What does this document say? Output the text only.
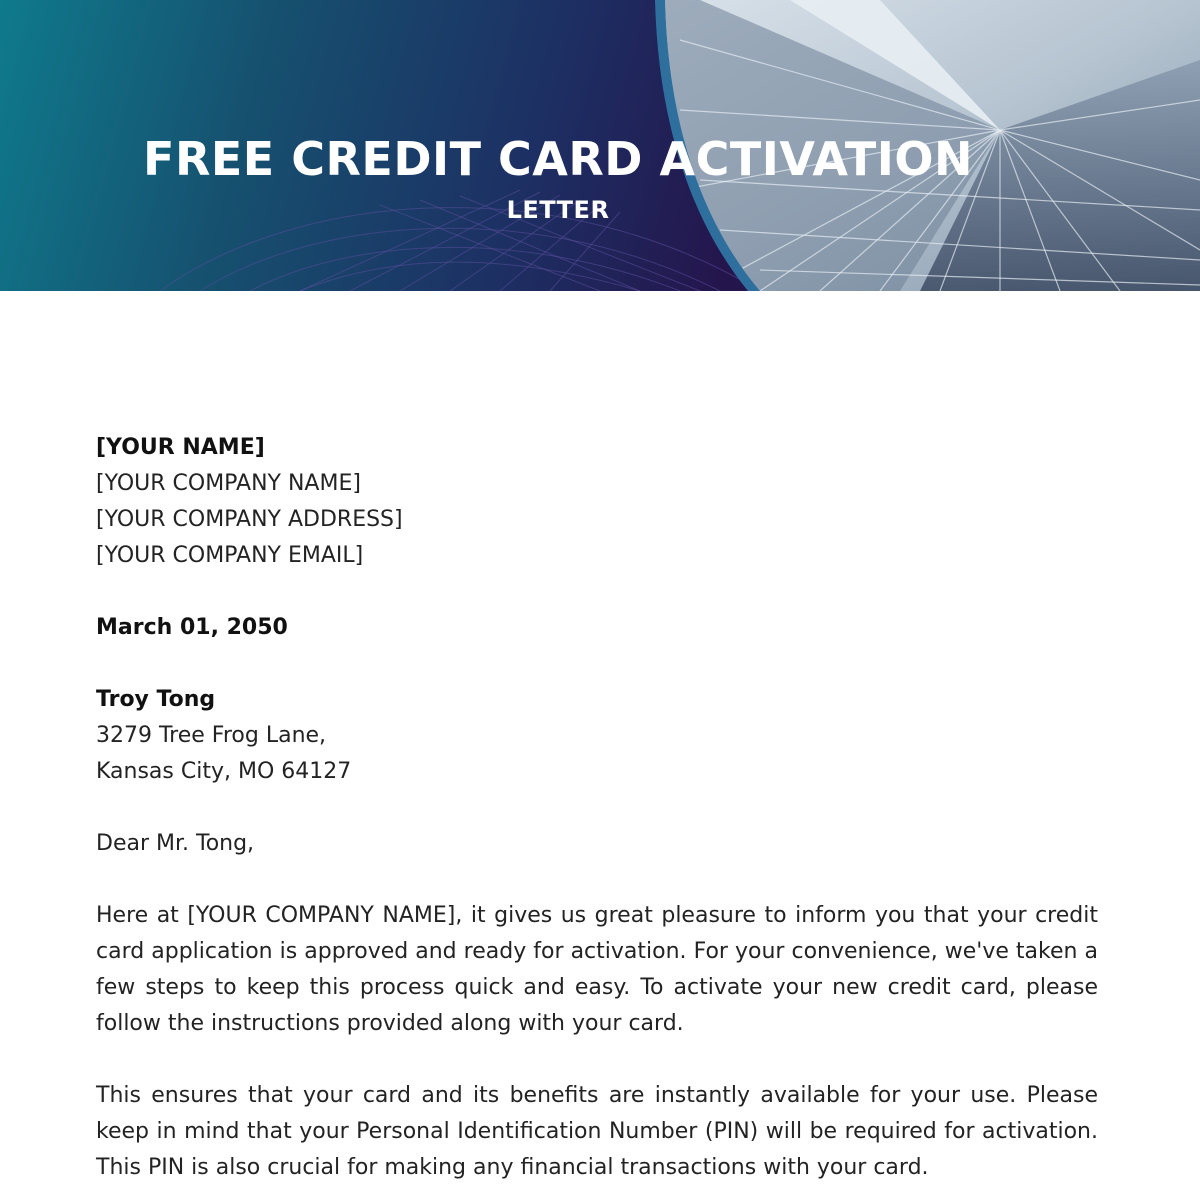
FREE CREDIT CARD ACTIVATION
LETTER

[YOUR NAME]

[YOUR COMPANY NAME]

[YOUR COMPANY ADDRESS]

[YOUR COMPANY EMAIL]

March 01, 2050

Troy Tong

3279 Tree Frog Lane,

Kansas City, MO 64127

Dear Mr. Tong,

Here at [YOUR COMPANY NAME], it gives us great pleasure to inform you that your credit card application is approved and ready for activation. For your convenience, we've taken a few steps to keep this process quick and easy. To activate your new credit card, please follow the instructions provided along with your card.

This ensures that your card and its benefits are instantly available for your use. Please keep in mind that your Personal Identification Number (PIN) will be required for activation. This PIN is also crucial for making any financial transactions with your card.
